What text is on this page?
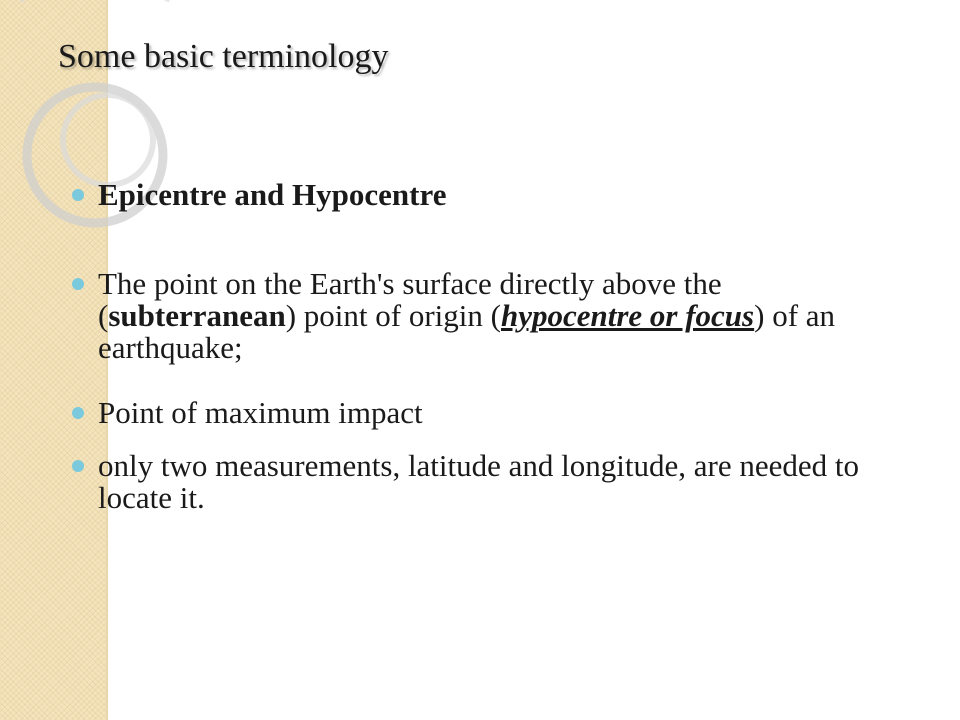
Some basic terminology
Epicentre and Hypocentre
The point on the Earth's surface directly above the (subterranean) point of origin (hypocentre or focus) of an earthquake;
Point of maximum impact
only two measurements, latitude and longitude, are needed to locate it.
